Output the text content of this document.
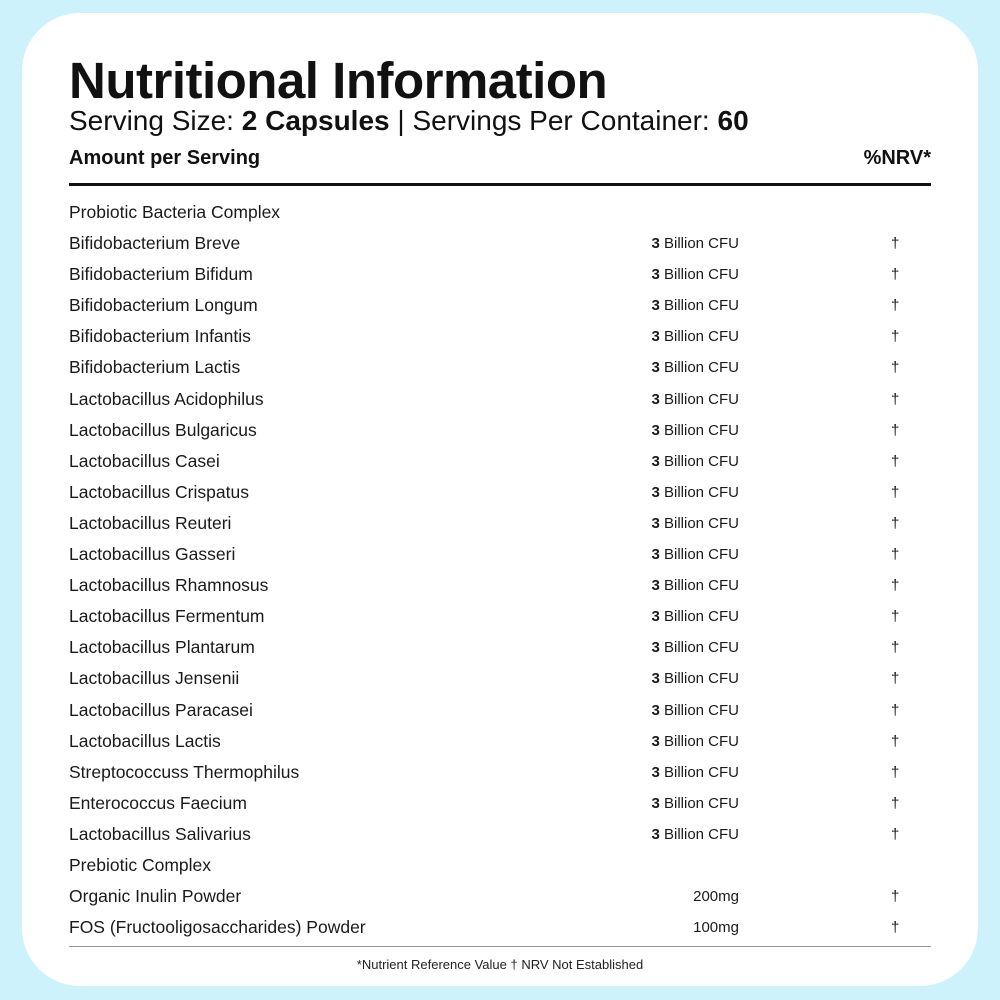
Nutritional Information
Serving Size: 2 Capsules | Servings Per Container: 60
Amount per Serving	%NRV*
Probiotic Bacteria Complex
Bifidobacterium Breve	3 Billion CFU	†
Bifidobacterium Bifidum	3 Billion CFU	†
Bifidobacterium Longum	3 Billion CFU	†
Bifidobacterium Infantis	3 Billion CFU	†
Bifidobacterium Lactis	3 Billion CFU	†
Lactobacillus Acidophilus	3 Billion CFU	†
Lactobacillus Bulgaricus	3 Billion CFU	†
Lactobacillus Casei	3 Billion CFU	†
Lactobacillus Crispatus	3 Billion CFU	†
Lactobacillus Reuteri	3 Billion CFU	†
Lactobacillus Gasseri	3 Billion CFU	†
Lactobacillus Rhamnosus	3 Billion CFU	†
Lactobacillus Fermentum	3 Billion CFU	†
Lactobacillus Plantarum	3 Billion CFU	†
Lactobacillus Jensenii	3 Billion CFU	†
Lactobacillus Paracasei	3 Billion CFU	†
Lactobacillus Lactis	3 Billion CFU	†
Streptococcuss Thermophilus	3 Billion CFU	†
Enterococcus Faecium	3 Billion CFU	†
Lactobacillus Salivarius	3 Billion CFU	†
Prebiotic Complex
Organic Inulin Powder	200mg	†
FOS (Fructooligosaccharides) Powder	100mg	†
*Nutrient Reference Value † NRV Not Established
